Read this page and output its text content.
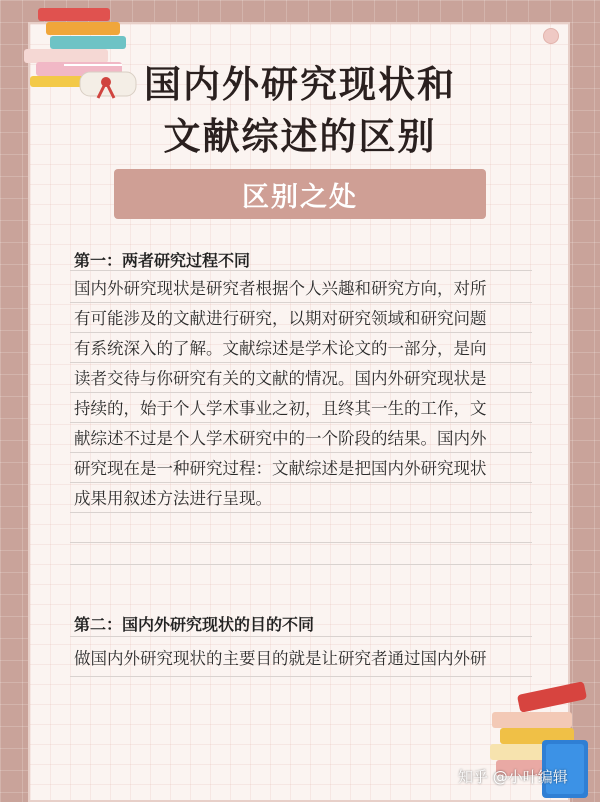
国内外研究现状和
文献综述的区别
区别之处
第一：两者研究过程不同
国内外研究现状是研究者根据个人兴趣和研究方向，对所
有可能涉及的文献进行研究，以期对研究领域和研究问题
有系统深入的了解。文献综述是学术论文的一部分，是向
读者交待与你研究有关的文献的情况。国内外研究现状是
持续的，始于个人学术事业之初，且终其一生的工作，文
献综述不过是个人学术研究中的一个阶段的结果。国内外
研究现在是一种研究过程：文献综述是把国内外研究现状
成果用叙述方法进行呈现。
第二：国内外研究现状的目的不同
做国内外研究现状的主要目的就是让研究者通过国内外研
知乎 @小叶编辑
